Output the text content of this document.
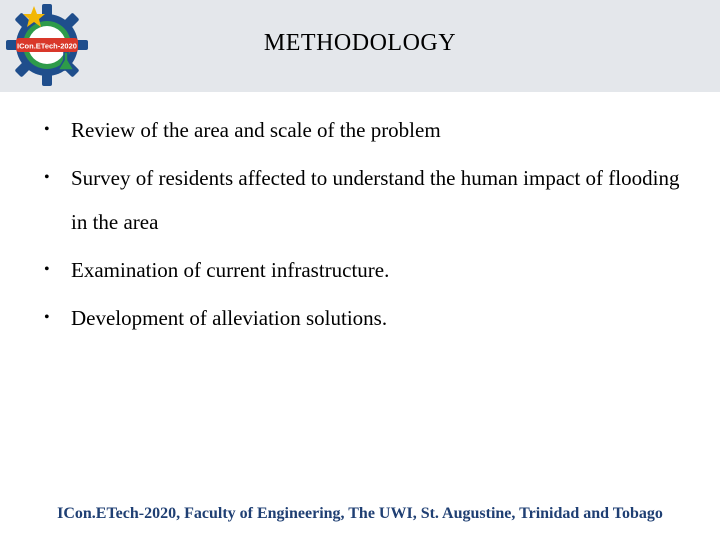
ICon.ETech-2020	METHODOLOGY
• Review of the area and scale of the problem
• Survey of residents affected to understand the human impact of flooding in the area
• Examination of current infrastructure.
• Development of alleviation solutions.
ICon.ETech-2020, Faculty of Engineering, The UWI, St. Augustine, Trinidad and Tobago
